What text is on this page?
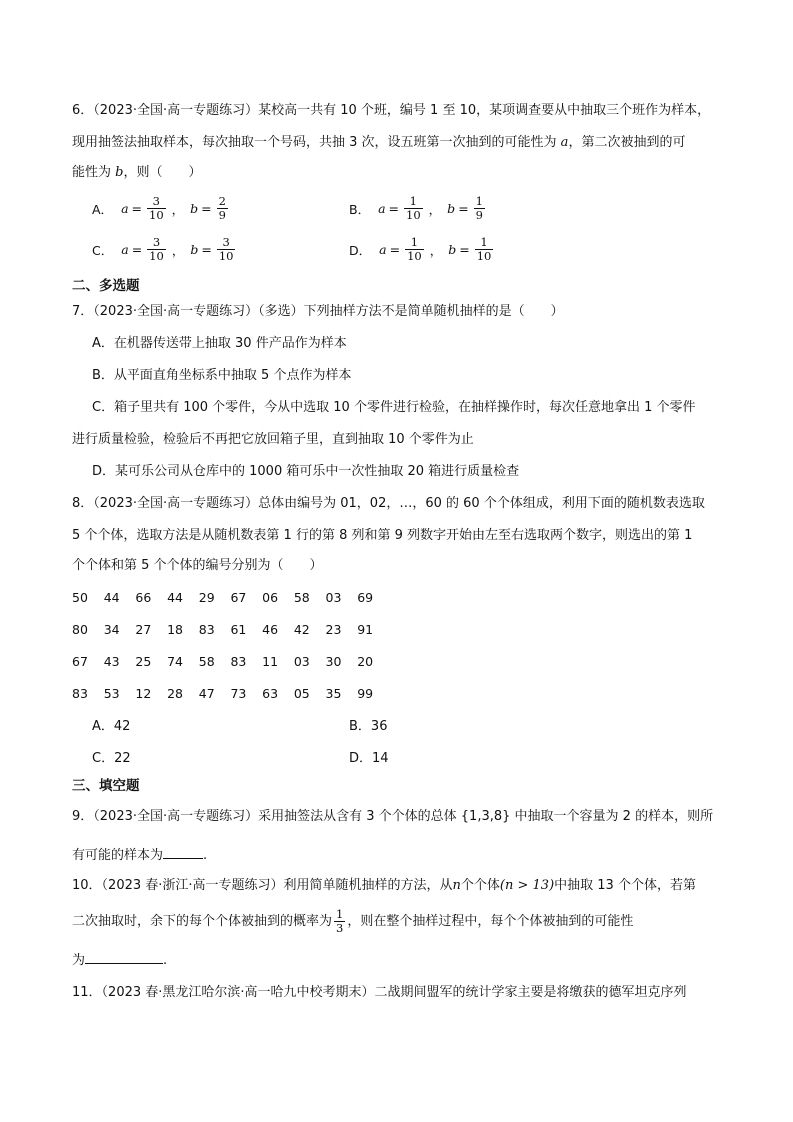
6．（2023·全国·高一专题练习）某校高一共有 10 个班，编号 1 至 10，某项调查要从中抽取三个班作为样本，
现用抽签法抽取样本，每次抽取一个号码，共抽 3 次，设五班第一次抽到的可能性为 a，第二次被抽到的可
能性为 b，则（　　）
A． $a = \frac{3}{10}$ ， $b = \frac{2}{9}$	B． $a = \frac{1}{10}$ ， $b = \frac{1}{9}$
C． $a = \frac{3}{10}$ ， $b = \frac{3}{10}$	D． $a = \frac{1}{10}$ ， $b = \frac{1}{10}$
二、多选题
7．（2023·全国·高一专题练习）（多选）下列抽样方法不是简单随机抽样的是（　　）
A．在机器传送带上抽取 30 件产品作为样本
B．从平面直角坐标系中抽取 5 个点作为样本
C．箱子里共有 100 个零件，今从中选取 10 个零件进行检验，在抽样操作时，每次任意地拿出 1 个零件
进行质量检验，检验后不再把它放回箱子里，直到抽取 10 个零件为止
D．某可乐公司从仓库中的 1000 箱可乐中一次性抽取 20 箱进行质量检查
8．（2023·全国·高一专题练习）总体由编号为 01，02，…，60 的 60 个个体组成，利用下面的随机数表选取
5 个个体，选取方法是从随机数表第 1 行的第 8 列和第 9 列数字开始由左至右选取两个数字，则选出的第 1
个个体和第 5 个个体的编号分别为（　　）
50	44	66	44	29	67	06	58	03	69
80	34	27	18	83	61	46	42	23	91
67	43	25	74	58	83	11	03	30	20
83	53	12	28	47	73	63	05	35	99
A．42	B．36
C．22	D．14
三、填空题
9．（2023·全国·高一专题练习）采用抽签法从含有 3 个个体的总体 {1,3,8} 中抽取一个容量为 2 的样本，则所
有可能的样本为	.
10．（2023 春·浙江·高一专题练习）利用简单随机抽样的方法，从n个个体(n > 13)中抽取 13 个个体，若第
二次抽取时，余下的每个个体被抽到的概率为 $\frac{1}{3}$ ，则在整个抽样过程中，每个个体被抽到的可能性
为	.
11．（2023 春·黑龙江哈尔滨·高一哈九中校考期末）二战期间盟军的统计学家主要是将缴获的德军坦克序列
